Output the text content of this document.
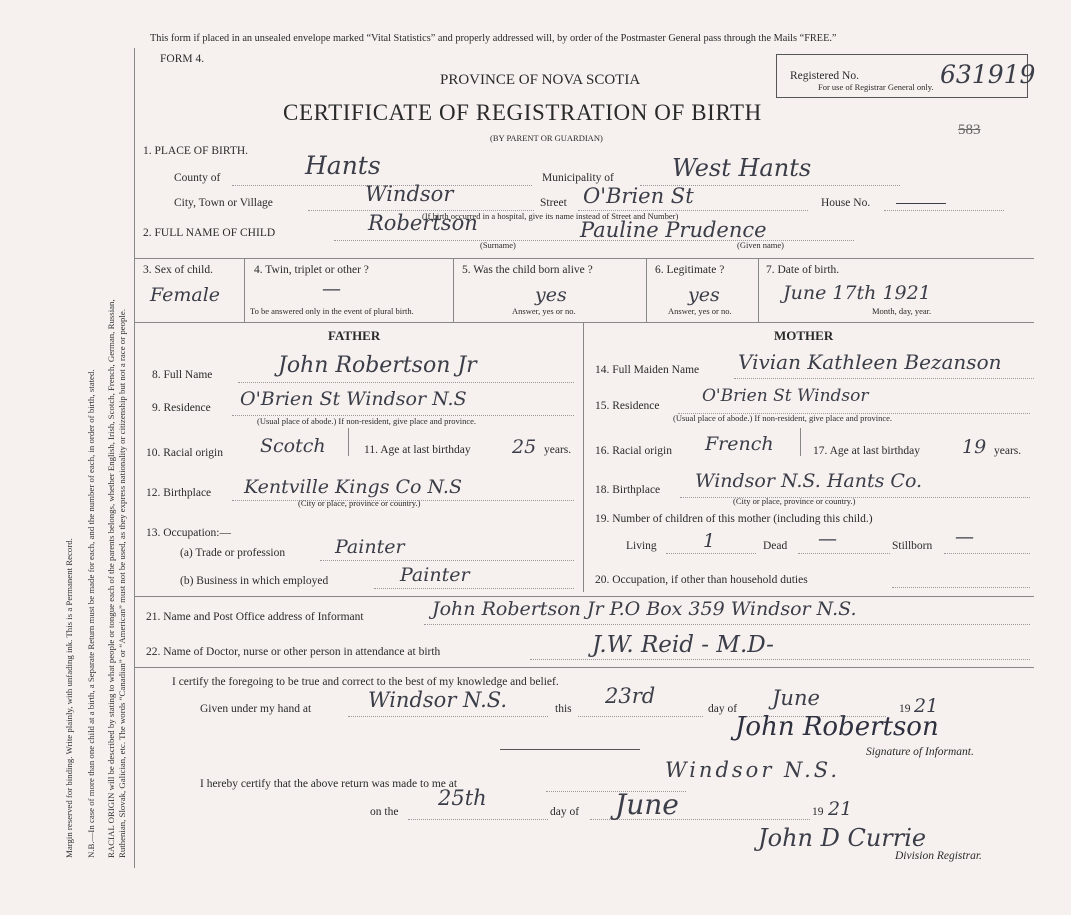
Margin reserved for binding. Write plainly, with unfading ink. This is a Permanent Record. N.B.—In case of more than one child at a birth, a Separate Return must be made for each, and the number of each, in order of birth, stated. RACIAL ORIGIN will be described by stating to what people or tongue each of the parents belongs, whether English, Irish, Scotch, French, German, Russian, Ruthenian, Slovak, Galician, etc. The words “Canadian” or “American” must not be used, as they express nationality or citizenship but not a race or people.
This form if placed in an unsealed envelope marked “Vital Statistics” and properly addressed will, by order of the Postmaster General pass through the Mails “FREE.”
FORM 4.
PROVINCE OF NOVA SCOTIA
CERTIFICATE OF REGISTRATION OF BIRTH
(BY PARENT OR GUARDIAN)
Registered No.
For use of Registrar General only. 631919
583
1. PLACE OF BIRTH.
County of	Hants	Municipality of West Hants
City, Town or Village	Windsor	Street O'Brien St
(If birth occurred in a hospital, give its name instead of Street and Number)
House No.
2. FULL NAME OF CHILD	Robertson	Pauline Prudence
(Surname)	(Given name)
3. Sex of child.
Female
4. Twin, triplet or other ?
—
To be answered only in the event of plural birth.
5. Was the child born alive ?
yes
Answer, yes or no.
6. Legitimate ?
yes
Answer, yes or no.
7. Date of birth.
June 17th 1921
Month, day, year.
FATHER
8. Full Name	John Robertson Jr
9. Residence O'Brien St Windsor N.S
(Usual place of abode.) If non-resident, give place and province.
10. Racial origin Scotch	11. Age at last birthday 25 years.
12. Birthplace Kentville Kings Co N.S
(City or place, province or country.)
13. Occupation:—
(a) Trade or profession	Painter
(b) Business in which employed	Painter
MOTHER
14. Full Maiden Name Vivian Kathleen Bezanson
15. Residence O'Brien St Windsor
(Usual place of abode.) If non-resident, give place and province.
16. Racial origin French	17. Age at last birthday 19 years.
18. Birthplace Windsor N.S. Hants Co.
(City or place, province or country.)
19. Number of children of this mother (including this child.)
Living 1	Dead —	Stillborn —
20. Occupation, if other than household duties
21. Name and Post Office address of Informant	John Robertson Jr P.O Box 359 Windsor N.S.
22. Name of Doctor, nurse or other person in attendance at birth	J.W. Reid - M.D-
I certify the foregoing to be true and correct to the best of my knowledge and belief.
Given under my hand at	Windsor N.S.	this
23rd
day of June	19 21
John Robertson
Signature of Informant.
I hereby certify that the above return was made to me at
Windsor N.S.
on the
25th
day of June	19 21
John D Currie
Division Registrar.
